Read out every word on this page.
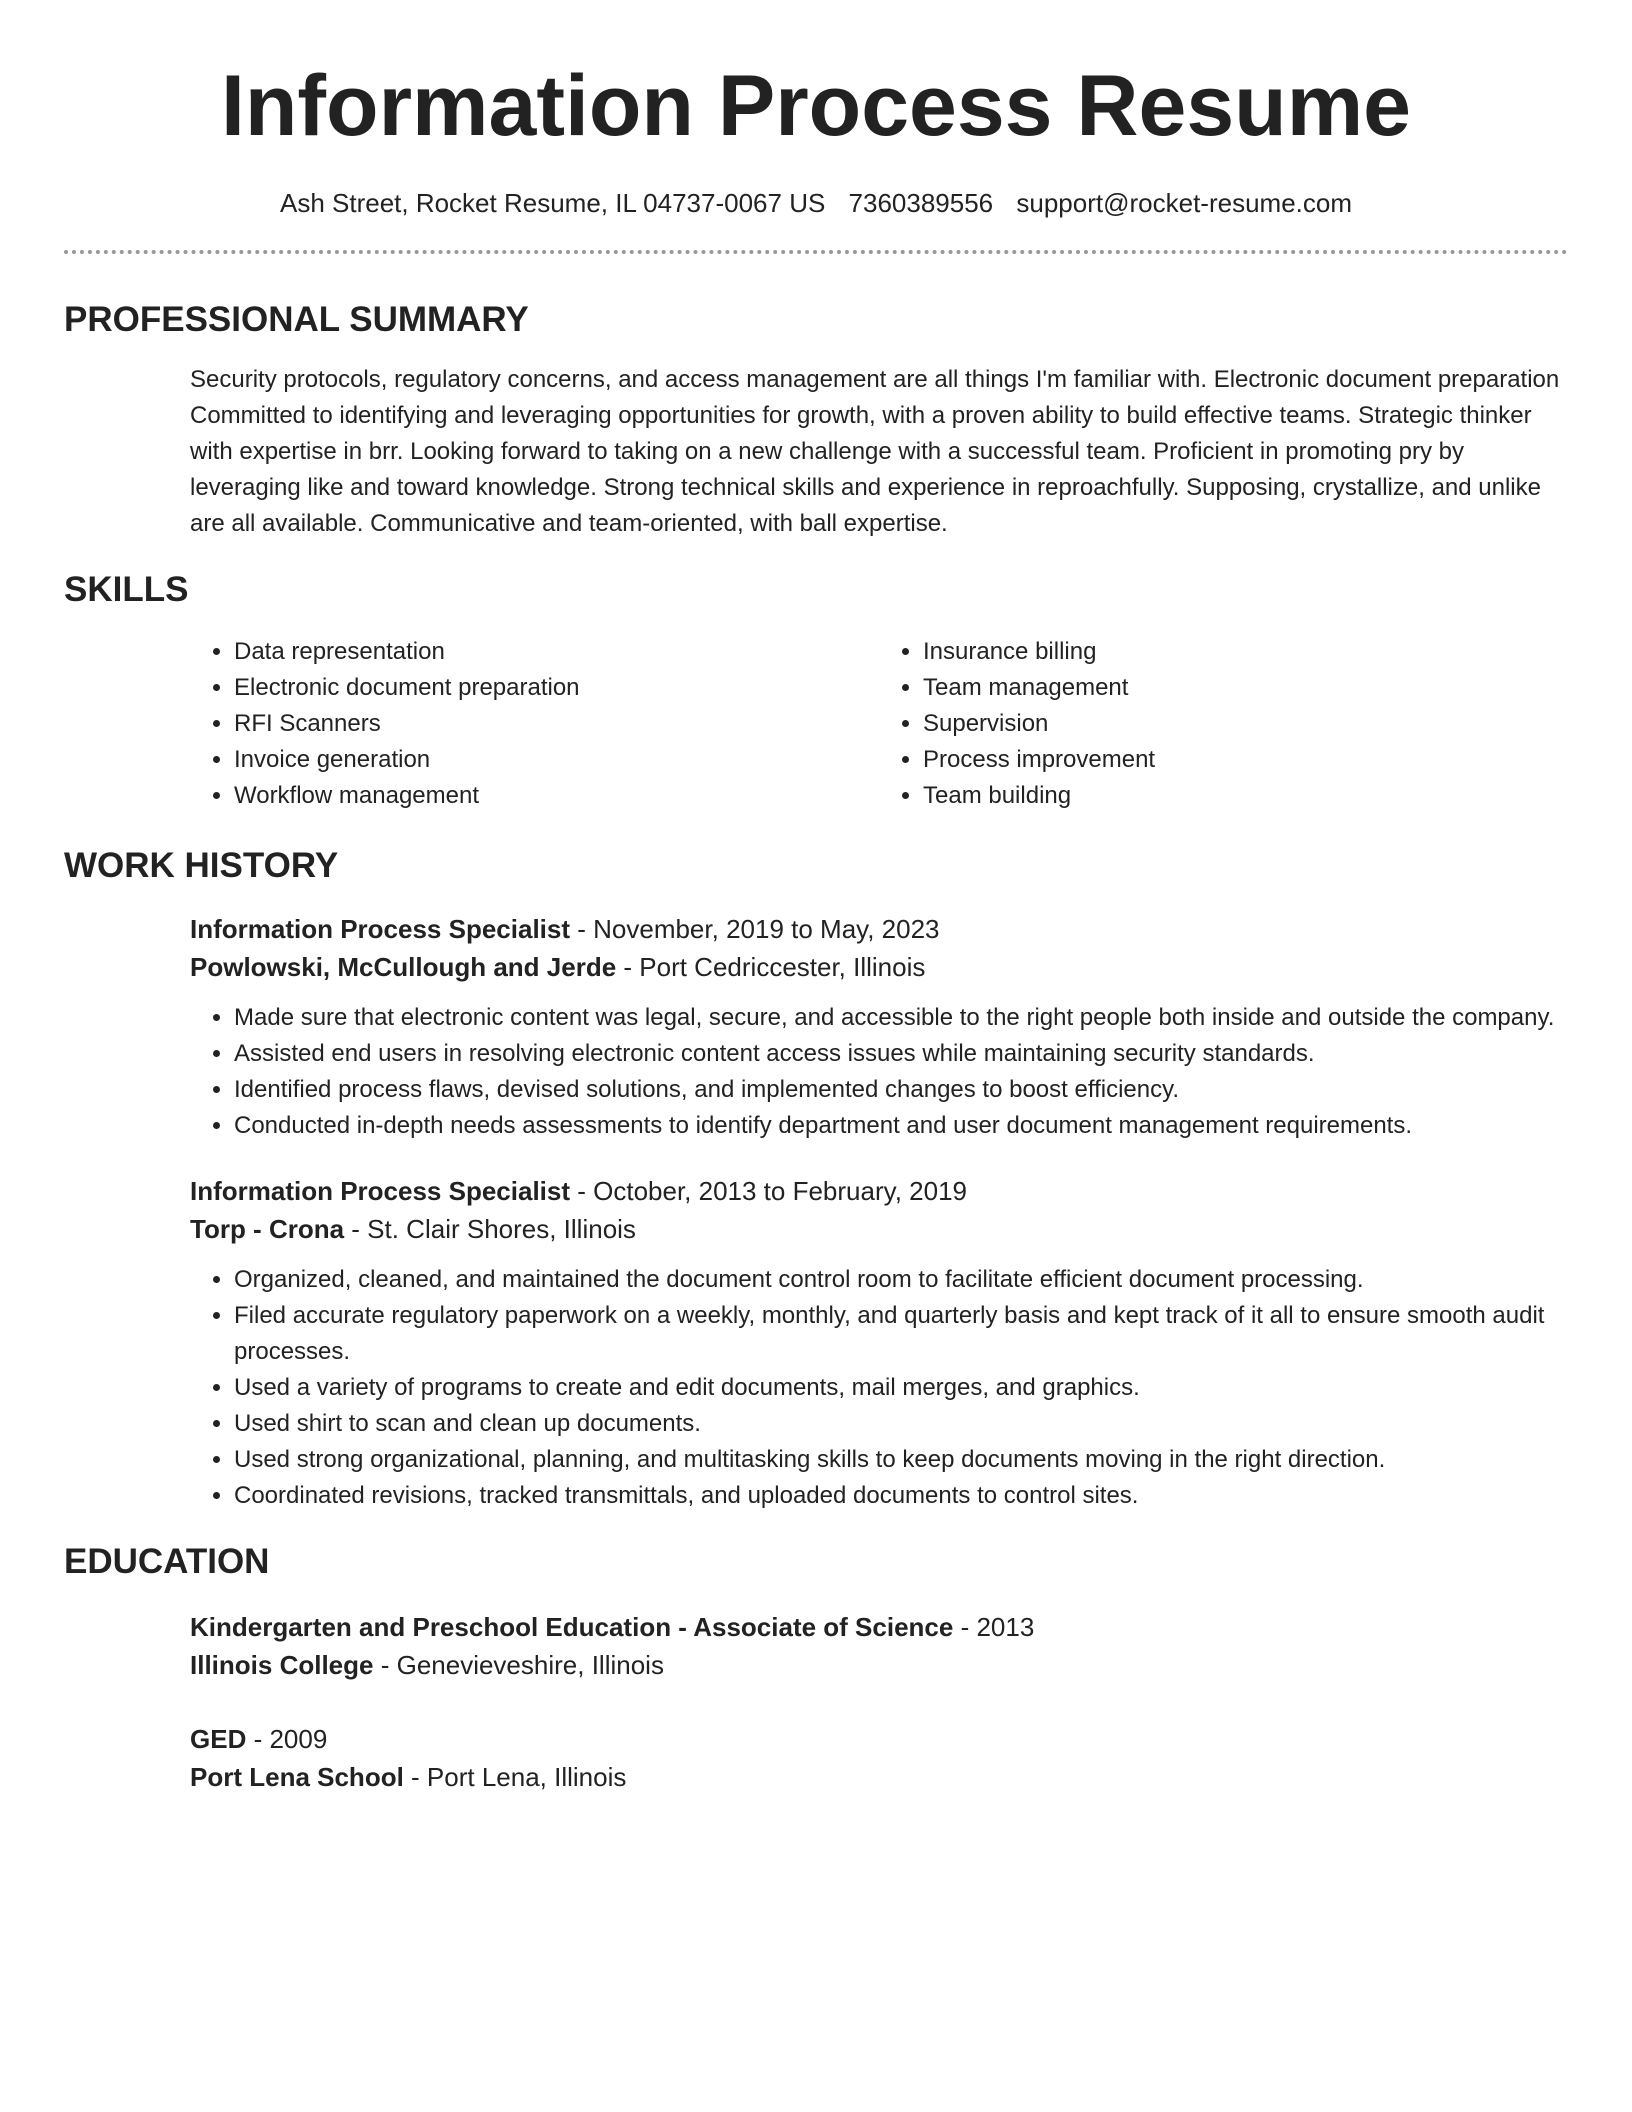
Information Process Resume
Ash Street, Rocket Resume, IL 04737-0067 US 7360389556 support@rocket-resume.com
PROFESSIONAL SUMMARY
Security protocols, regulatory concerns, and access management are all things I'm familiar with. Electronic document preparation Committed to identifying and leveraging opportunities for growth, with a proven ability to build effective teams. Strategic thinker with expertise in brr. Looking forward to taking on a new challenge with a successful team. Proficient in promoting pry by leveraging like and toward knowledge. Strong technical skills and experience in reproachfully. Supposing, crystallize, and unlike are all available. Communicative and team-oriented, with ball expertise.
SKILLS
• Data representation
• Electronic document preparation
• RFI Scanners
• Invoice generation
• Workflow management
• Insurance billing
• Team management
• Supervision
• Process improvement
• Team building
WORK HISTORY
Information Process Specialist - November, 2019 to May, 2023
Powlowski, McCullough and Jerde - Port Cedriccester, Illinois
• Made sure that electronic content was legal, secure, and accessible to the right people both inside and outside the company.
• Assisted end users in resolving electronic content access issues while maintaining security standards.
• Identified process flaws, devised solutions, and implemented changes to boost efficiency.
• Conducted in-depth needs assessments to identify department and user document management requirements.
Information Process Specialist - October, 2013 to February, 2019
Torp - Crona - St. Clair Shores, Illinois
• Organized, cleaned, and maintained the document control room to facilitate efficient document processing.
• Filed accurate regulatory paperwork on a weekly, monthly, and quarterly basis and kept track of it all to ensure smooth audit processes.
• Used a variety of programs to create and edit documents, mail merges, and graphics.
• Used shirt to scan and clean up documents.
• Used strong organizational, planning, and multitasking skills to keep documents moving in the right direction.
• Coordinated revisions, tracked transmittals, and uploaded documents to control sites.
EDUCATION
Kindergarten and Preschool Education - Associate of Science - 2013
Illinois College - Genevieveshire, Illinois
GED - 2009
Port Lena School - Port Lena, Illinois
